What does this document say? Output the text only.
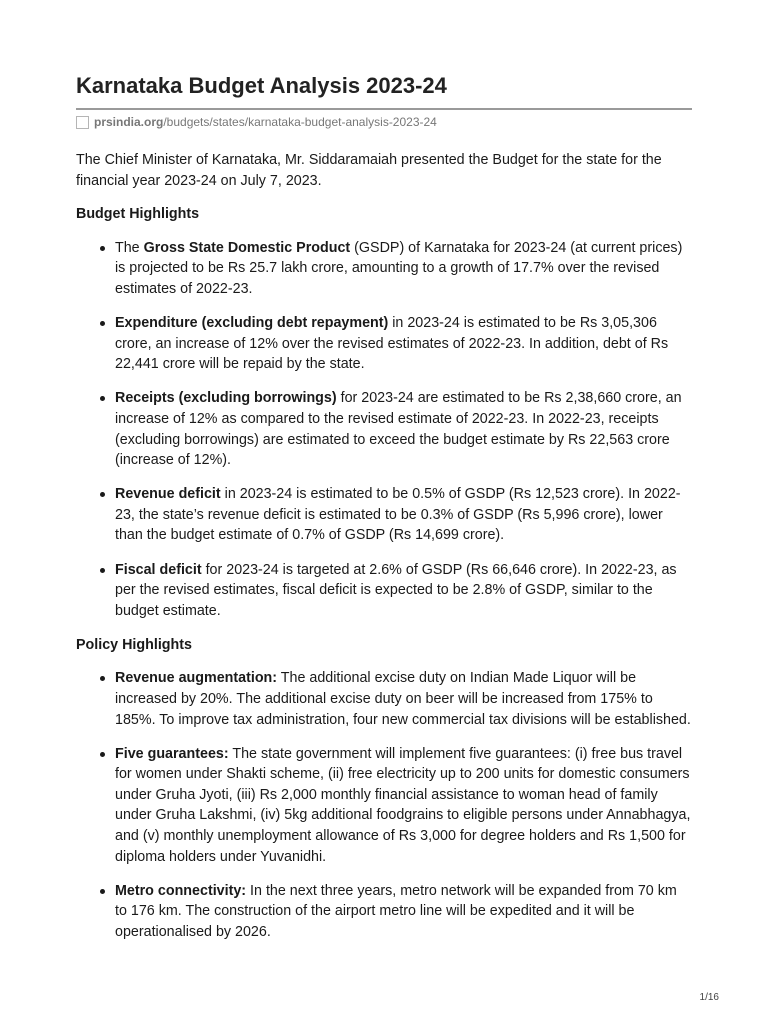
Karnataka Budget Analysis 2023-24
prsindia.org /budgets/states/karnataka-budget-analysis-2023-24

The Chief Minister of Karnataka, Mr. Siddaramaiah presented the Budget for the state for the financial year 2023-24 on July 7, 2023.

Budget Highlights

The Gross State Domestic Product (GSDP) of Karnataka for 2023-24 (at current prices) is projected to be Rs 25.7 lakh crore, amounting to a growth of 17.7% over the revised estimates of 2022-23.
Expenditure (excluding debt repayment) in 2023-24 is estimated to be Rs 3,05,306 crore, an increase of 12% over the revised estimates of 2022-23. In addition, debt of Rs 22,441 crore will be repaid by the state.
Receipts (excluding borrowings) for 2023-24 are estimated to be Rs 2,38,660 crore, an increase of 12% as compared to the revised estimate of 2022-23. In 2022-23, receipts (excluding borrowings) are estimated to exceed the budget estimate by Rs 22,563 crore (increase of 12%).
Revenue deficit in 2023-24 is estimated to be 0.5% of GSDP (Rs 12,523 crore). In 2022-23, the state’s revenue deficit is estimated to be 0.3% of GSDP (Rs 5,996 crore), lower than the budget estimate of 0.7% of GSDP (Rs 14,699 crore).
Fiscal deficit for 2023-24 is targeted at 2.6% of GSDP (Rs 66,646 crore). In 2022-23, as per the revised estimates, fiscal deficit is expected to be 2.8% of GSDP, similar to the budget estimate.

Policy Highlights

Revenue augmentation: The additional excise duty on Indian Made Liquor will be increased by 20%. The additional excise duty on beer will be increased from 175% to 185%. To improve tax administration, four new commercial tax divisions will be established.
Five guarantees: The state government will implement five guarantees: (i) free bus travel for women under Shakti scheme, (ii) free electricity up to 200 units for domestic consumers under Gruha Jyoti, (iii) Rs 2,000 monthly financial assistance to woman head of family under Gruha Lakshmi, (iv) 5kg additional foodgrains to eligible persons under Annabhagya, and (v) monthly unemployment allowance of Rs 3,000 for degree holders and Rs 1,500 for diploma holders under Yuvanidhi.
Metro connectivity: In the next three years, metro network will be expanded from 70 km to 176 km. The construction of the airport metro line will be expedited and it will be operationalised by 2026.
1/16
